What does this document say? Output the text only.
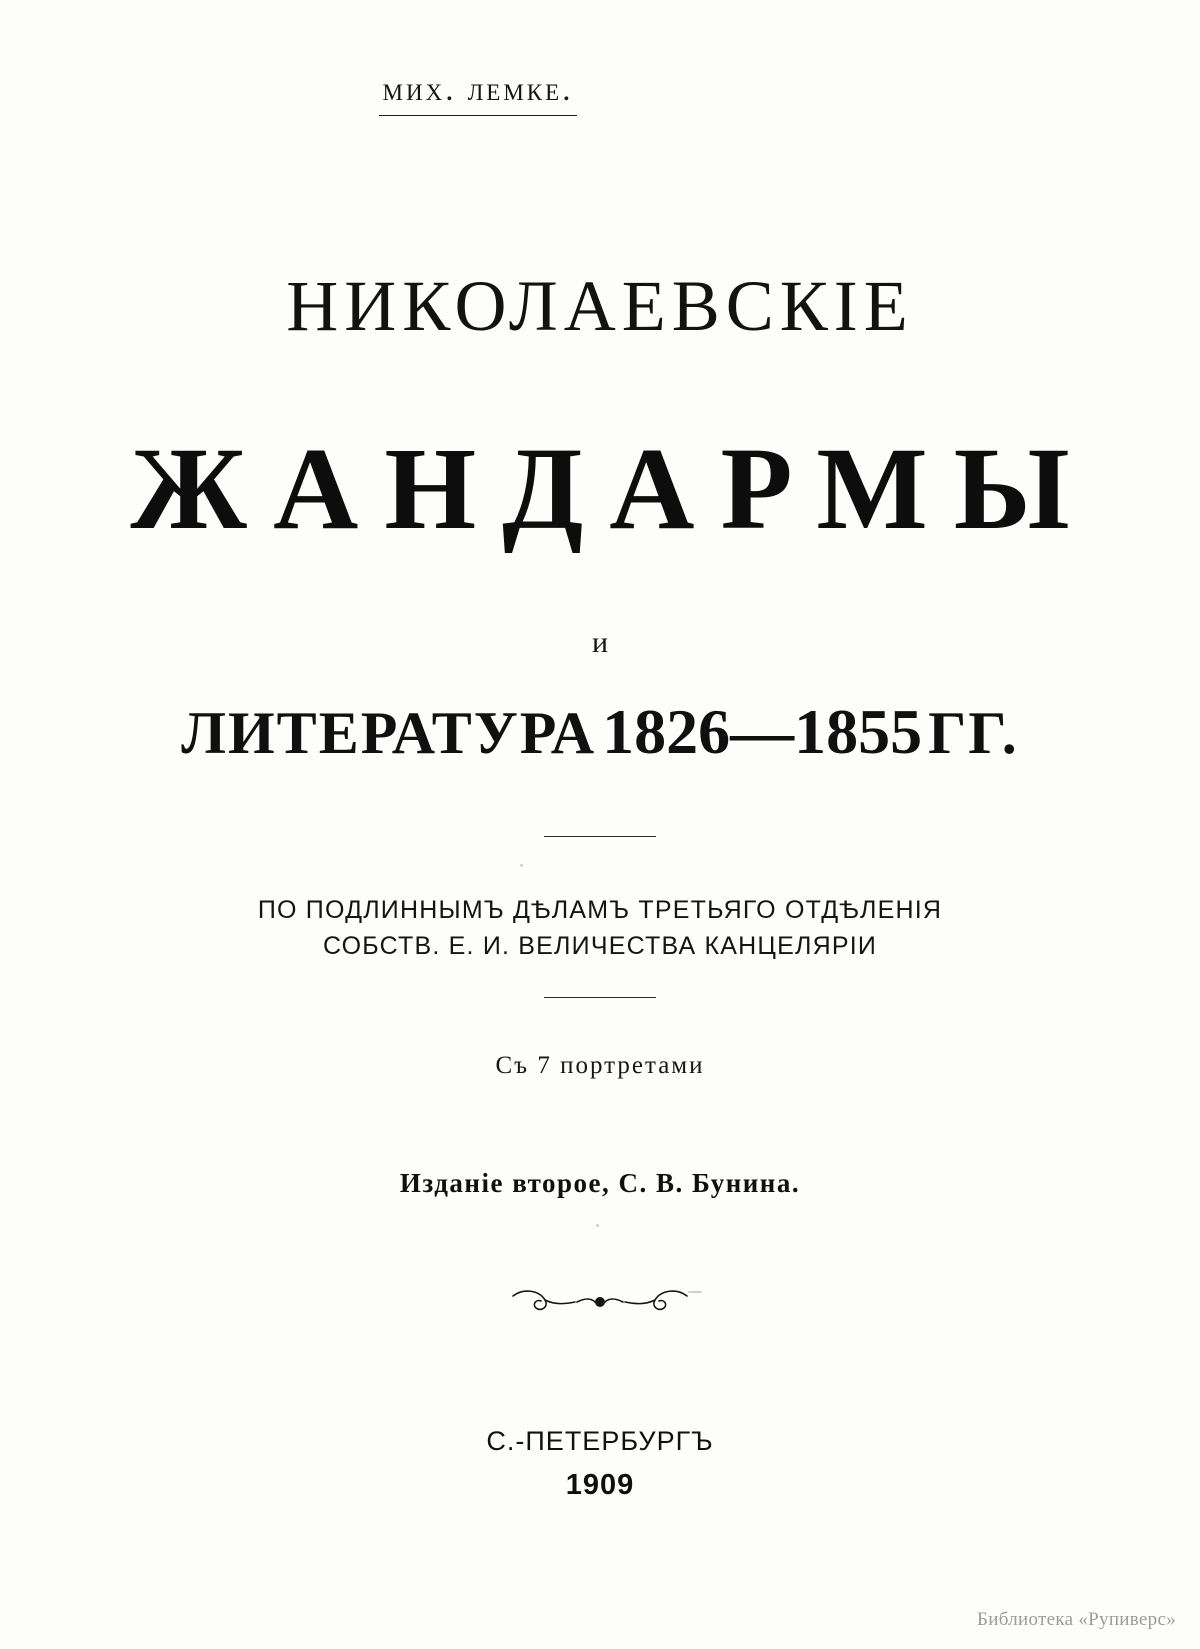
мих. лемке.
НИКОЛАЕВСКIЕ
ЖАНДАРМЫ
и
ЛИТЕРАТУРА1826—1855 ГГ.
ПО ПОДЛИННЫМЪ ДѢЛАМЪ ТРЕТЬЯГО ОТДѢЛЕНIЯ
СОБСТВ. Е. И. ВЕЛИЧЕСТВА КАНЦЕЛЯРIИ
Съ 7 портретами
Изданіе второе, С. В. Бунина.
С.-ПЕТЕРБУРГЪ
1909
Библиотека «Рупиверс»
